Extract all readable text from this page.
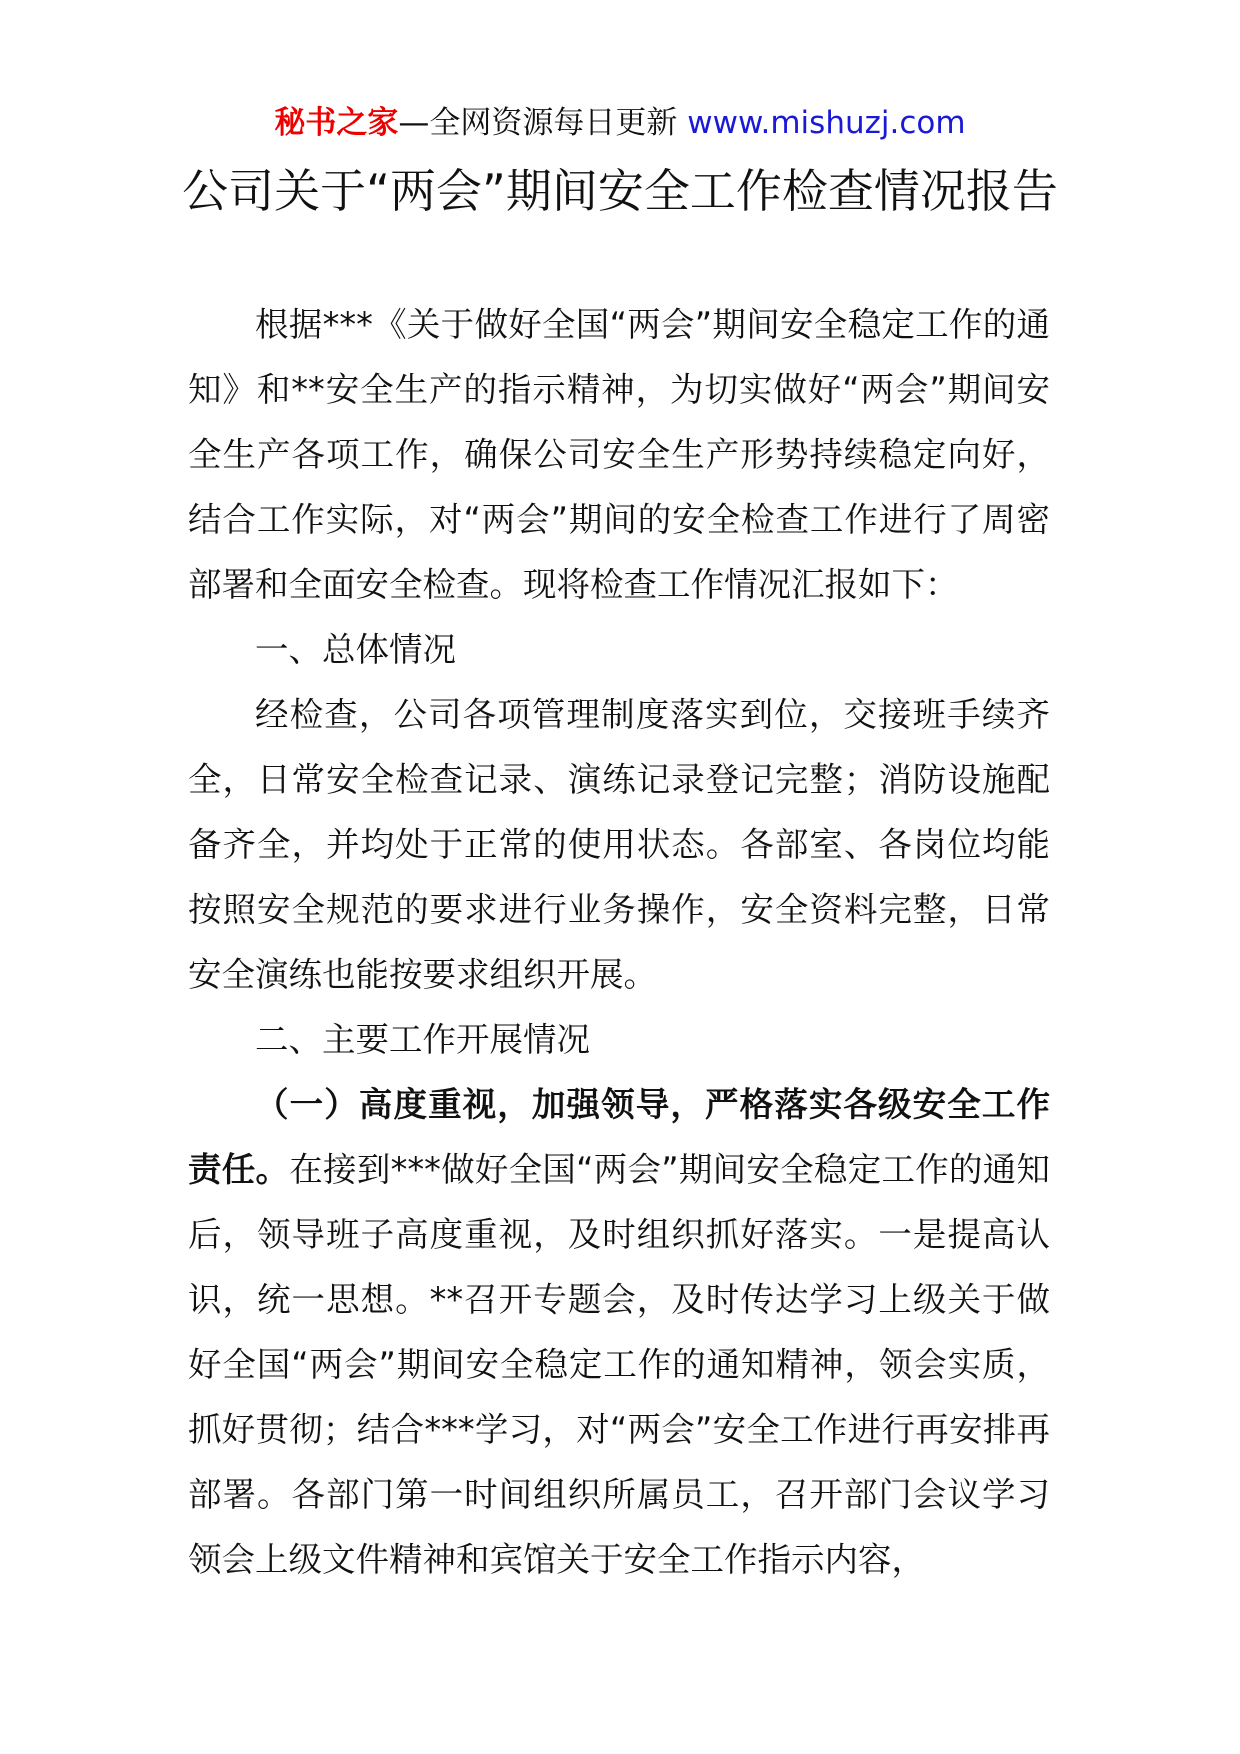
秘书之家—全网资源每日更新 www.mishuzj.com
公司关于“两会”期间安全工作检查情况报告

根据***《关于做好全国“两会”期间安全稳定工作的通知》和**安全生产的指示精神，为切实做好“两会”期间安全生产各项工作，确保公司安全生产形势持续稳定向好，结合工作实际，对“两会”期间的安全检查工作进行了周密部署和全面安全检查。现将检查工作情况汇报如下：

一、总体情况

经检查，公司各项管理制度落实到位，交接班手续齐全，日常安全检查记录、演练记录登记完整；消防设施配备齐全，并均处于正常的使用状态。各部室、各岗位均能按照安全规范的要求进行业务操作，安全资料完整，日常安全演练也能按要求组织开展。

二、主要工作开展情况

（一）高度重视，加强领导，严格落实各级安全工作责任。在接到***做好全国“两会”期间安全稳定工作的通知后，领导班子高度重视，及时组织抓好落实。一是提高认识，统一思想。**召开专题会，及时传达学习上级关于做好全国“两会”期间安全稳定工作的通知精神，领会实质，抓好贯彻；结合***学习，对“两会”安全工作进行再安排再部署。各部门第一时间组织所属员工，召开部门会议学习领会上级文件精神和宾馆关于安全工作指示内容，
